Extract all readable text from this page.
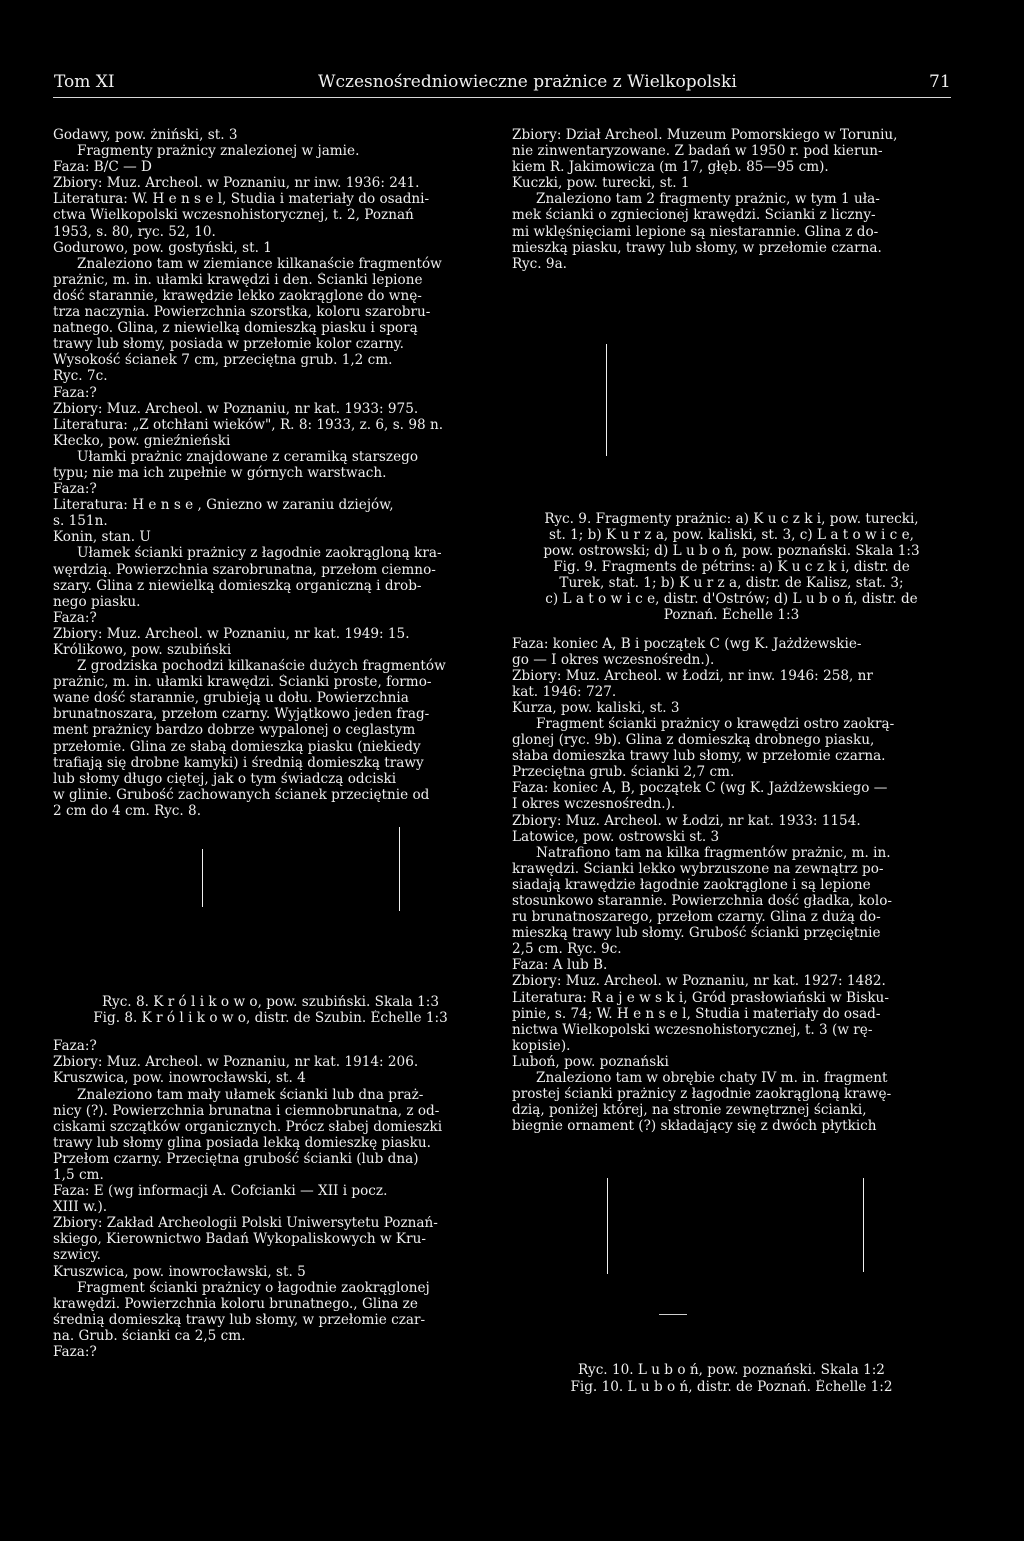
Tom XI	Wczesnośredniowieczne prażnice z Wielkopolski	71
Godawy, pow. żniński, st. 3
Fragmenty prażnicy znalezionej w jamie.
Faza: B/C — D
Zbiory: Muz. Archeol. w Poznaniu, nr inw. 1936: 241.
Literatura: W. H e n s e l, Studia i materiały do osadni-
ctwa Wielkopolski wczesnohistorycznej, t. 2, Poznań
1953, s. 80, ryc. 52, 10.
Godurowo, pow. gostyński, st. 1
Znaleziono tam w ziemiance kilkanaście fragmentów
prażnic, m. in. ułamki krawędzi i den. Ścianki lepione
dość starannie, krawędzie lekko zaokrąglone do wnę-
trza naczynia. Powierzchnia szorstka, koloru szarobru-
natnego. Glina, z niewielką domieszką piasku i sporą
trawy lub słomy, posiada w przełomie kolor czarny.
Wysokość ścianek 7 cm, przeciętna grub. 1,2 cm.
Ryc. 7c.
Faza:?
Zbiory: Muz. Archeol. w Poznaniu, nr kat. 1933: 975.
Literatura: „Z otchłani wieków", R. 8: 1933, z. 6, s. 98 n.
Kłecko, pow. gnieźnieński
Ułamki prażnic znajdowane z ceramiką starszego
typu; nie ma ich zupełnie w górnych warstwach.
Faza:?
Literatura: H e n s e , Gniezno w zaraniu dziejów,
s. 151n.
Konin, stan. U
Ułamek ścianki prażnicy z łagodnie zaokrągloną kra-
węrdzią. Powierzchnia szarobrunatna, przełom ciemno-
szary. Glina z niewielką domieszką organiczną i drob-
nego piasku.
Faza:?
Zbiory: Muz. Archeol. w Poznaniu, nr kat. 1949: 15.
Królikowo, pow. szubiński
Z grodziska pochodzi kilkanaście dużych fragmentów
prażnic, m. in. ułamki krawędzi. Ścianki proste, formo-
wane dość starannie, grubieją u dołu. Powierzchnia
brunatnoszara, przełom czarny. Wyjątkowo jeden frag-
ment prażnicy bardzo dobrze wypalonej o ceglastym
przełomie. Glina ze słabą domieszką piasku (niekiedy
trafiają się drobne kamyki) i średnią domieszką trawy
lub słomy długo ciętej, jak o tym świadczą odciski
w glinie. Grubość zachowanych ścianek przeciętnie od
2 cm do 4 cm. Ryc. 8.
Ryc. 8. K r ó l i k o w o, pow. szubiński. Skala 1:3
Fig. 8. K r ó l i k o w o, distr. de Szubin. Échelle 1:3
Faza:?
Zbiory: Muz. Archeol. w Poznaniu, nr kat. 1914: 206.
Kruszwica, pow. inowrocławski, st. 4
Znaleziono tam mały ułamek ścianki lub dna praż-
nicy (?). Powierzchnia brunatna i ciemnobrunatna, z od-
ciskami szczątków organicznych. Prócz słabej domieszki
trawy lub słomy glina posiada lekką domieszkę piasku.
Przełom czarny. Przeciętna grubość ścianki (lub dna)
1,5 cm.
Faza: E (wg informacji A. Cofcianki — XII i pocz.
XIII w.).
Zbiory: Zakład Archeologii Polski Uniwersytetu Poznań-
skiego, Kierownictwo Badań Wykopaliskowych w Kru-
szwicy.
Kruszwica, pow. inowrocławski, st. 5
Fragment ścianki prażnicy o łagodnie zaokrąglonej
krawędzi. Powierzchnia koloru brunatnego., Glina ze
średnią domieszką trawy lub słomy, w przełomie czar-
na. Grub. ścianki ca 2,5 cm.
Faza:?
Zbiory: Dział Archeol. Muzeum Pomorskiego w Toruniu,
nie zinwentaryzowane. Z badań w 1950 r. pod kierun-
kiem R. Jakimowicza (m 17, głęb. 85—95 cm).
Kuczki, pow. turecki, st. 1
Znaleziono tam 2 fragmenty prażnic, w tym 1 uła-
mek ścianki o zgniecionej krawędzi. Ścianki z liczny-
mi wklęśnięciami lepione są niestarannie. Glina z do-
mieszką piasku, trawy lub słomy, w przełomie czarna.
Ryc. 9a.
Ryc. 9. Fragmenty prażnic: a) K u c z k i, pow. turecki,
st. 1; b) K u r z a, pow. kaliski, st. 3, c) L a t o w i c e,
pow. ostrowski; d) L u b o ń, pow. poznański. Skala 1:3
Fig. 9. Fragments de pétrins: a) K u c z k i, distr. de
Turek, stat. 1; b) K u r z a, distr. de Kalisz, stat. 3;
c) L a t o w i c e, distr. d'Ostrów; d) L u b o ń, distr. de
Poznań. Échelle 1:3
Faza: koniec A, B i początek C (wg K. Jażdżewskie-
go — I okres wczesnośredn.).
Zbiory: Muz. Archeol. w Łodzi, nr inw. 1946: 258, nr
kat. 1946: 727.
Kurza, pow. kaliski, st. 3
Fragment ścianki prażnicy o krawędzi ostro zaokrą-
glonej (ryc. 9b). Glina z domieszką drobnego piasku,
słaba domieszka trawy lub słomy, w przełomie czarna.
Przeciętna grub. ścianki 2,7 cm.
Faza: koniec A, B, początek C (wg K. Jażdżewskiego —
I okres wczesnośredn.).
Zbiory: Muz. Archeol. w Łodzi, nr kat. 1933: 1154.
Latowice, pow. ostrowski st. 3
Natrafiono tam na kilka fragmentów prażnic, m. in.
krawędzi. Ścianki lekko wybrzuszone na zewnątrz po-
siadają krawędzie łagodnie zaokrąglone i są lepione
stosunkowo starannie. Powierzchnia dość gładka, kolo-
ru brunatnoszarego, przełom czarny. Glina z dużą do-
mieszką trawy lub słomy. Grubość ścianki przęciętnie
2,5 cm. Ryc. 9c.
Faza: A lub B.
Zbiory: Muz. Archeol. w Poznaniu, nr kat. 1927: 1482.
Literatura: R a j e w s k i, Gród prasłowiański w Bisku-
pinie, s. 74; W. H e n s e l, Studia i materiały do osad-
nictwa Wielkopolski wczesnohistorycznej, t. 3 (w rę-
kopisie).
Luboń, pow. poznański
Znaleziono tam w obrębie chaty IV m. in. fragment
prostej ścianki prażnicy z łagodnie zaokrągloną krawę-
dzią, poniżej której, na stronie zewnętrznej ścianki,
biegnie ornament (?) składający się z dwóch płytkich
Ryc. 10. L u b o ń, pow. poznański. Skala 1:2
Fig. 10. L u b o ń, distr. de Poznań. Échelle 1:2
